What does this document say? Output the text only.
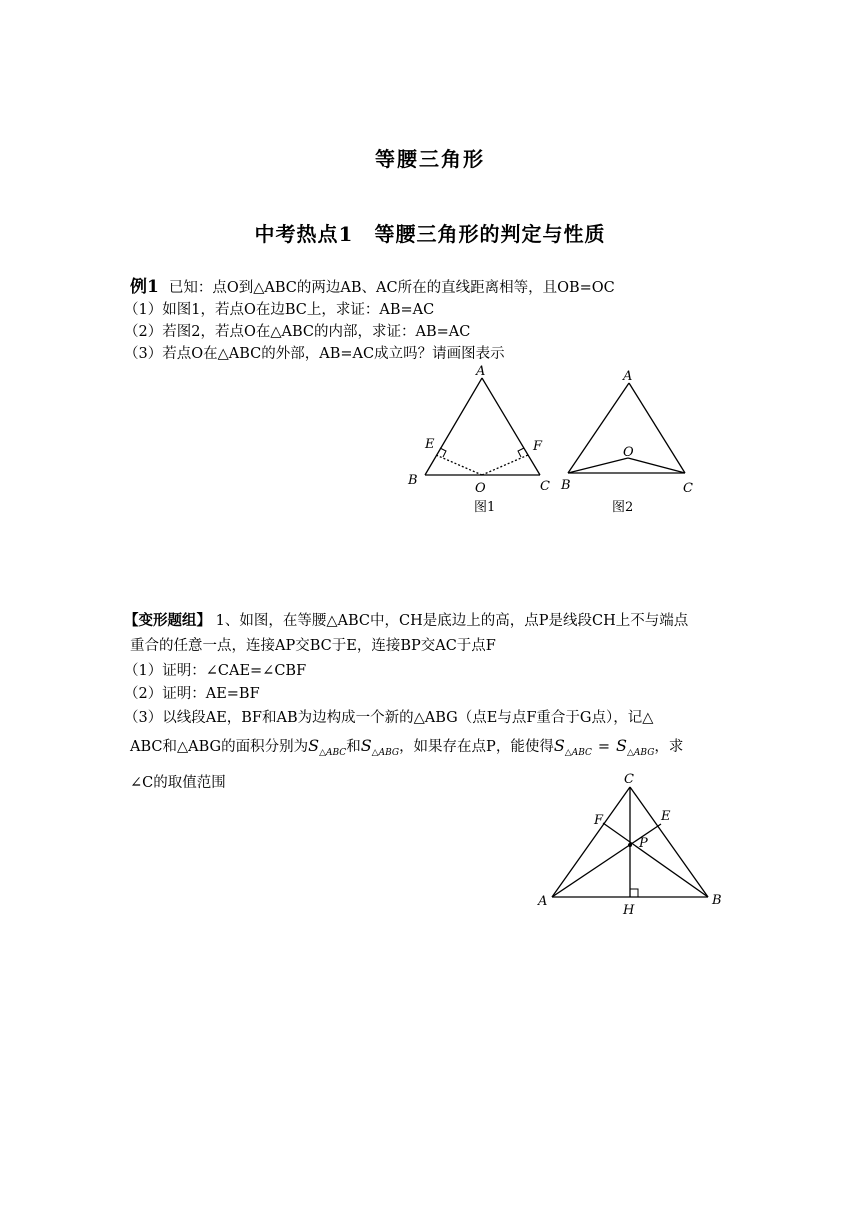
等腰三角形
中考热点1　等腰三角形的判定与性质
例1 已知：点O到△ABC的两边AB、AC所在的直线距离相等，且OB=OC
（1）如图1，若点O在边BC上，求证：AB=AC
（2）若图2，若点O在△ABC的内部，求证：AB=AC
（3）若点O在△ABC的外部，AB=AC成立吗？请画图表示
A
B	C
E	F
O
图1
A
B	C
O
图2
【变形题组】 1、如图，在等腰△ABC中，CH是底边上的高，点P是线段CH上不与端点
重合的任意一点，连接AP交BC于E，连接BP交AC于点F
（1）证明：∠CAE=∠CBF
（2）证明：AE=BF
（3）以线段AE，BF和AB为边构成一个新的△ABG（点E与点F重合于G点），记△
ABC和△ABG的面积分别为$S_{\triangle ABC}$和$S_{\triangle ABG}$，如果存在点P，能使得$S_{\triangle ABC} = S_{\triangle ABG}$，求
∠C的取值范围	C
A	B
F	E
P
H
